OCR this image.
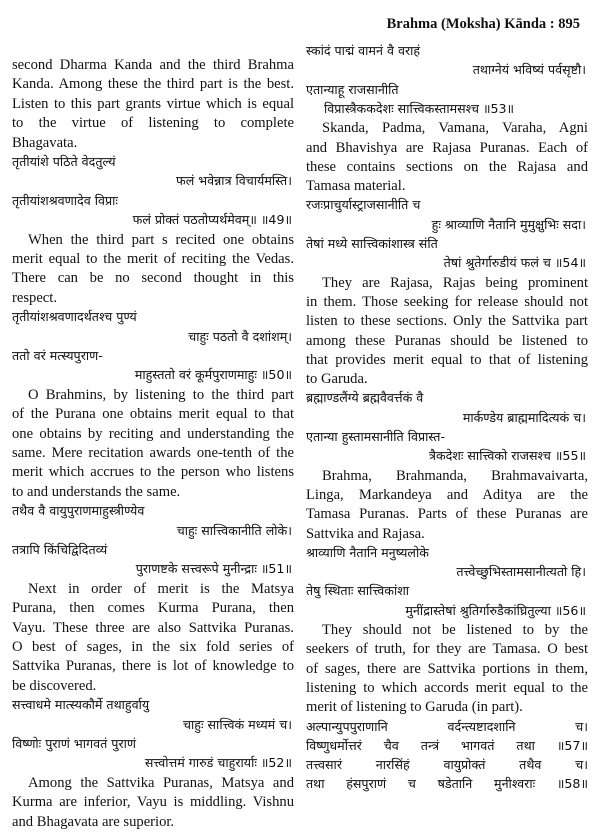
Brahma (Moksha) Kānda : 895
second Dharma Kanda and the third Brahma
Kanda. Among these the third part is the best.
Listen to this part grants virtue which is equal
to the virtue of listening to complete
Bhagavata.
तृतीयांशे पठिते वेदतुल्यं
फलं भवेन्नात्र विचार्यमस्ति।
तृतीयांशश्रवणादेव विप्राः
फलं प्रोक्तं पठतोप्यर्थमेवम्॥ ॥49॥
When the third part s recited one obtains
merit equal to the merit of reciting the Vedas.
There can be no second thought in this
respect.
तृतीयांशश्रवणादर्थतश्च पुण्यं
चाहुः पठतो वै दशांशम्।
ततो वरं मत्स्यपुराण-
माहुस्ततो वरं कूर्मपुराणमाहुः ॥50॥
O Brahmins, by listening to the third part
of the Purana one obtains merit equal to that
one obtains by reciting and understanding the
same. Mere recitation awards one-tenth of the
merit which accrues to the person who listens
to and understands the same.
तथैव वै वायुपुराणमाहुस्त्रीण्येव
चाहुः सात्त्विकानीति लोके।
तत्रापि किंचिद्विदितव्यं
पुराणष्टके सत्त्वरूपे मुनीन्द्राः ॥51॥
Next in order of merit is the Matsya
Purana, then comes Kurma Purana, then
Vayu. These three are also Sattvika Puranas.
O best of sages, in the six fold series of
Sattvika Puranas, there is lot of knowledge to
be discovered.
सत्त्वाधमे मात्स्यकौर्मे तथाहुर्वायु
चाहुः सात्त्विकं मध्यमं च।
विष्णोः पुराणं भागवतं पुराणं
सत्त्वोत्तमं गारुडं चाहुरार्याः ॥52॥
Among the Sattvika Puranas, Matsya and
Kurma are inferior, Vayu is middling. Vishnu
and Bhagavata are superior.
स्कांदं पाद्मं वामनं वै वराहं
तथाग्नेयं भविष्यं पर्वसृष्टौ।
एतान्याहू राजसानीति
विप्रास्त्रैककदेशः सात्त्विकस्तामसश्च ॥53॥
Skanda, Padma, Vamana, Varaha, Agni
and Bhavishya are Rajasa Puranas. Each of
these contains sections on the Rajasa and
Tamasa material.
रजःप्राचुर्यास्ट्राजसानीति च
हुः श्राव्याणि नैतानि मुमुक्षुभिः सदा।
तेषां मध्ये सात्त्विकांशास्त्र संति
तेषां श्रुतेर्गारुडीयं फलं च ॥54॥
They are Rajasa, Rajas being prominent
in them. Those seeking for release should not
listen to these sections. Only the Sattvika part
among these Puranas should be listened to
that provides merit equal to that of listening
to Garuda.
ब्रह्माण्डलैंग्ये ब्रह्मवैवर्त्तकं वै
मार्कण्डेय ब्राह्ममादित्यकं च।
एतान्या हुस्तामसानीति विप्रास्त-
त्रैकदेशः सात्त्विको राजसश्च ॥55॥
Brahma, Brahmanda, Brahmavaivarta,
Linga, Markandeya and Aditya are the
Tamasa Puranas. Parts of these Puranas are
Sattvika and Rajasa.
श्राव्याणि नैतानि मनुष्यलोके
तत्त्वेच्छुभिस्तामसानीत्यतो हि।
तेषु स्थिताः सात्त्विकांशा
मुनींद्रास्तेषां श्रुतिर्गारुडैकांघ्रितुल्या ॥56॥
They should not be listened to by the
seekers of truth, for they are Tamasa. O best
of sages, there are Sattvika portions in them,
listening to which accords merit equal to the
merit of listening to Garuda (in part).
अल्पान्युपपुराणानि वर्दन्त्यष्टादशानि च।
विष्णुधर्मोत्तरं चैव तन्त्रं भागवतं तथा ॥57॥
तत्त्वसारं नारसिंहं वायुप्रोक्तं तथैव च।
तथा हंसपुराणं च षडेतानि मुनीश्वराः ॥58॥
